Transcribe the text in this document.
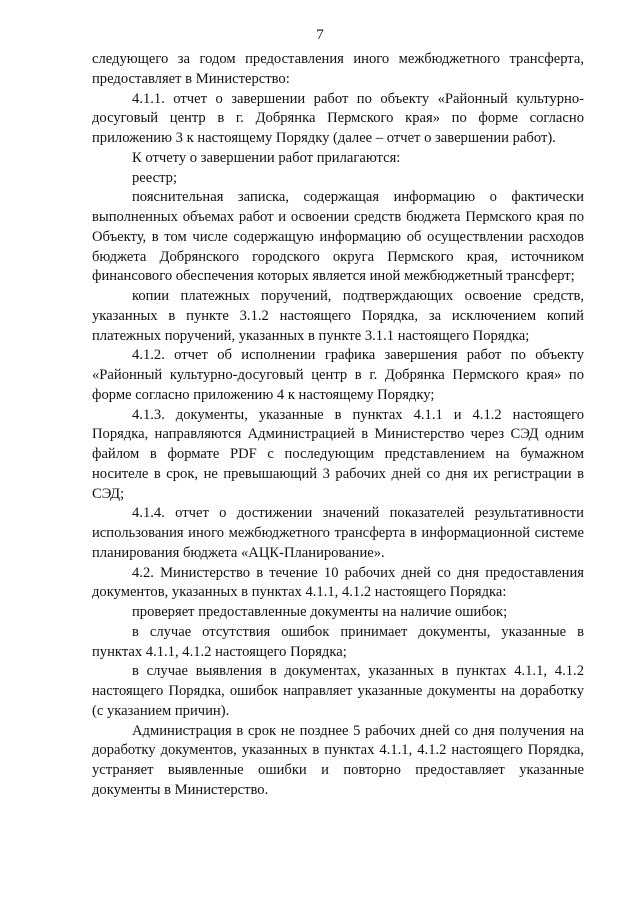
7

следующего за годом предоставления иного межбюджетного трансферта, предоставляет в Министерство:

4.1.1. отчет о завершении работ по объекту «Районный культурно-досуговый центр в г. Добрянка Пермского края» по форме согласно приложению 3 к настоящему Порядку (далее – отчет о завершении работ).

К отчету о завершении работ прилагаются:

реестр;

пояснительная записка, содержащая информацию о фактически выполненных объемах работ и освоении средств бюджета Пермского края по Объекту, в том числе содержащую информацию об осуществлении расходов бюджета Добрянского городского округа Пермского края, источником финансового обеспечения которых является иной межбюджетный трансферт;

копии платежных поручений, подтверждающих освоение средств, указанных в пункте 3.1.2 настоящего Порядка, за исключением копий платежных поручений, указанных в пункте 3.1.1 настоящего Порядка;

4.1.2. отчет об исполнении графика завершения работ по объекту «Районный культурно-досуговый центр в г. Добрянка Пермского края» по форме согласно приложению 4 к настоящему Порядку;

4.1.3. документы, указанные в пунктах 4.1.1 и 4.1.2 настоящего Порядка, направляются Администрацией в Министерство через СЭД одним файлом в формате PDF с последующим представлением на бумажном носителе в срок, не превышающий 3 рабочих дней со дня их регистрации в СЭД;

4.1.4. отчет о достижении значений показателей результативности использования иного межбюджетного трансферта в информационной системе планирования бюджета «АЦК-Планирование».

4.2. Министерство в течение 10 рабочих дней со дня предоставления документов, указанных в пунктах 4.1.1, 4.1.2 настоящего Порядка:

проверяет предоставленные документы на наличие ошибок;

в случае отсутствия ошибок принимает документы, указанные в пунктах 4.1.1, 4.1.2 настоящего Порядка;

в случае выявления в документах, указанных в пунктах 4.1.1, 4.1.2 настоящего Порядка, ошибок направляет указанные документы на доработку (с указанием причин).

Администрация в срок не позднее 5 рабочих дней со дня получения на доработку документов, указанных в пунктах 4.1.1, 4.1.2 настоящего Порядка, устраняет выявленные ошибки и повторно предоставляет указанные документы в Министерство.
